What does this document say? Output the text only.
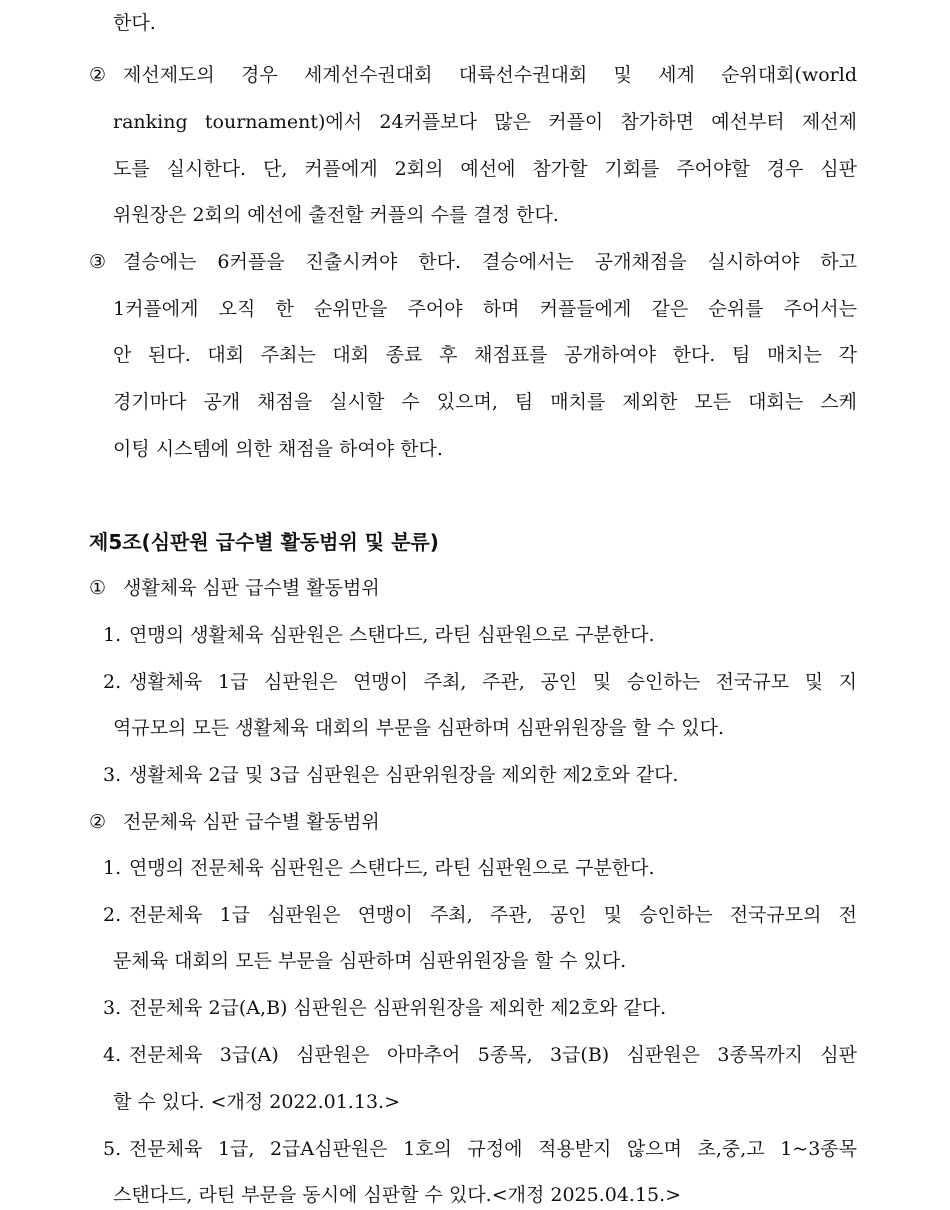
한다.
② 제선제도의 경우 세계선수권대회 대륙선수권대회 및 세계 순위대회(world
ranking tournament)에서 24커플보다 많은 커플이 참가하면 예선부터 제선제
도를 실시한다. 단, 커플에게 2회의 예선에 참가할 기회를 주어야할 경우 심판
위원장은 2회의 예선에 출전할 커플의 수를 결정 한다.
③ 결승에는 6커플을 진출시켜야 한다. 결승에서는 공개채점을 실시하여야 하고
1커플에게 오직 한 순위만을 주어야 하며 커플들에게 같은 순위를 주어서는
안 된다. 대회 주최는 대회 종료 후 채점표를 공개하여야 한다. 팀 매치는 각
경기마다 공개 채점을 실시할 수 있으며, 팀 매치를 제외한 모든 대회는 스케
이팅 시스템에 의한 채점을 하여야 한다.
제5조(심판원 급수별 활동범위 및 분류)
① 생활체육 심판 급수별 활동범위
1. 연맹의 생활체육 심판원은 스탠다드, 라틴 심판원으로 구분한다.
2. 생활체육 1급 심판원은 연맹이 주최, 주관, 공인 및 승인하는 전국규모 및 지
역규모의 모든 생활체육 대회의 부문을 심판하며 심판위원장을 할 수 있다.
3. 생활체육 2급 및 3급 심판원은 심판위원장을 제외한 제2호와 같다.
② 전문체육 심판 급수별 활동범위
1. 연맹의 전문체육 심판원은 스탠다드, 라틴 심판원으로 구분한다.
2. 전문체육 1급 심판원은 연맹이 주최, 주관, 공인 및 승인하는 전국규모의 전
문체육 대회의 모든 부문을 심판하며 심판위원장을 할 수 있다.
3. 전문체육 2급(A,B) 심판원은 심판위원장을 제외한 제2호와 같다.
4. 전문체육 3급(A) 심판원은 아마추어 5종목, 3급(B) 심판원은 3종목까지 심판
할 수 있다. <개정 2022.01.13.>
5. 전문체육 1급, 2급A심판원은 1호의 규정에 적용받지 않으며 초,중,고 1~3종목
스탠다드, 라틴 부문을 동시에 심판할 수 있다.<개정 2025.04.15.>
